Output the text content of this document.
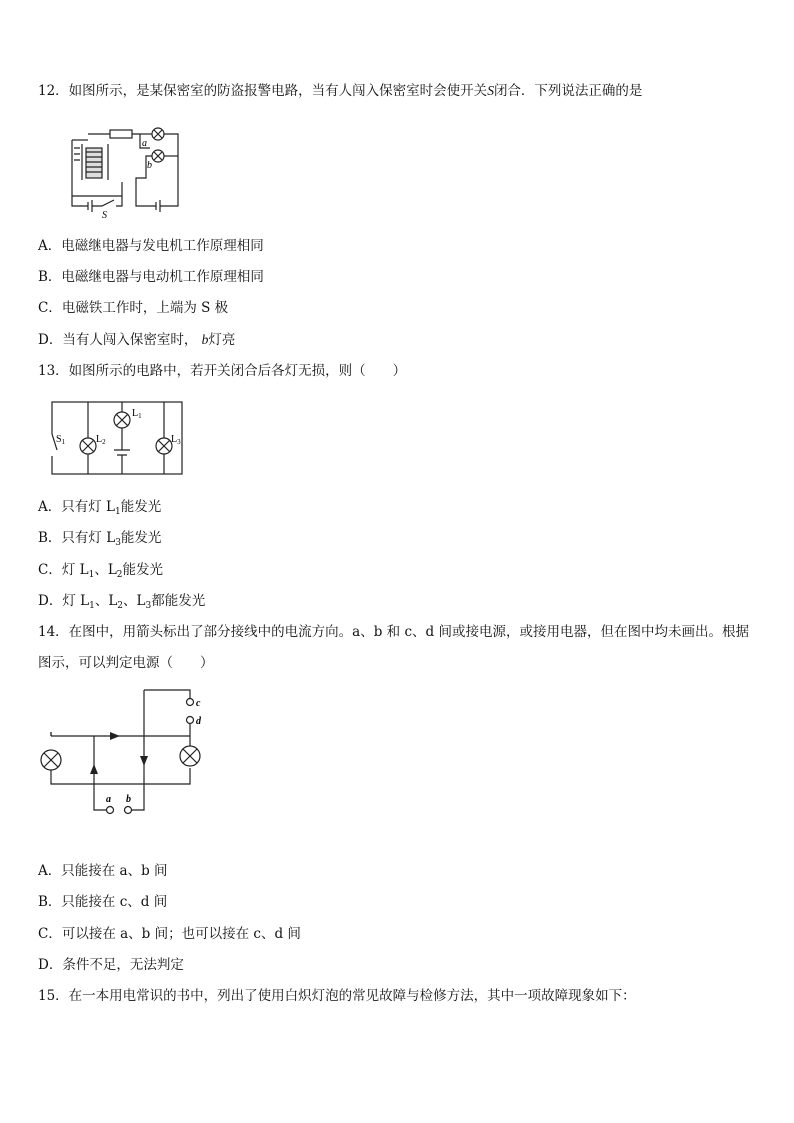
12．如图所示，是某保密室的防盗报警电路，当有人闯入保密室时会使开关S闭合．下列说法正确的是
a
b
S
A．电磁继电器与发电机工作原理相同
B．电磁继电器与电动机工作原理相同
C．电磁铁工作时，上端为 S 极
D．当有人闯入保密室时， b灯亮
13．如图所示的电路中，若开关闭合后各灯无损，则（　　）
$S_1$
$L_1$
$L_2$	$L_3$
A．只有灯 $L_1$能发光
B．只有灯 $L_3$能发光
C．灯 $L_1$、$L_2$能发光
D．灯 $L_1$、$L_2$、$L_3$都能发光
14．在图中，用箭头标出了部分接线中的电流方向。a、b 和 c、d 间或接电源，或接用电器，但在图中均未画出。根据
图示，可以判定电源（　　）
a b
c
d
A．只能接在 a、b 间
B．只能接在 c、d 间
C．可以接在 a、b 间；也可以接在 c、d 间
D．条件不足，无法判定
15．在一本用电常识的书中，列出了使用白炽灯泡的常见故障与检修方法，其中一项故障现象如下：
